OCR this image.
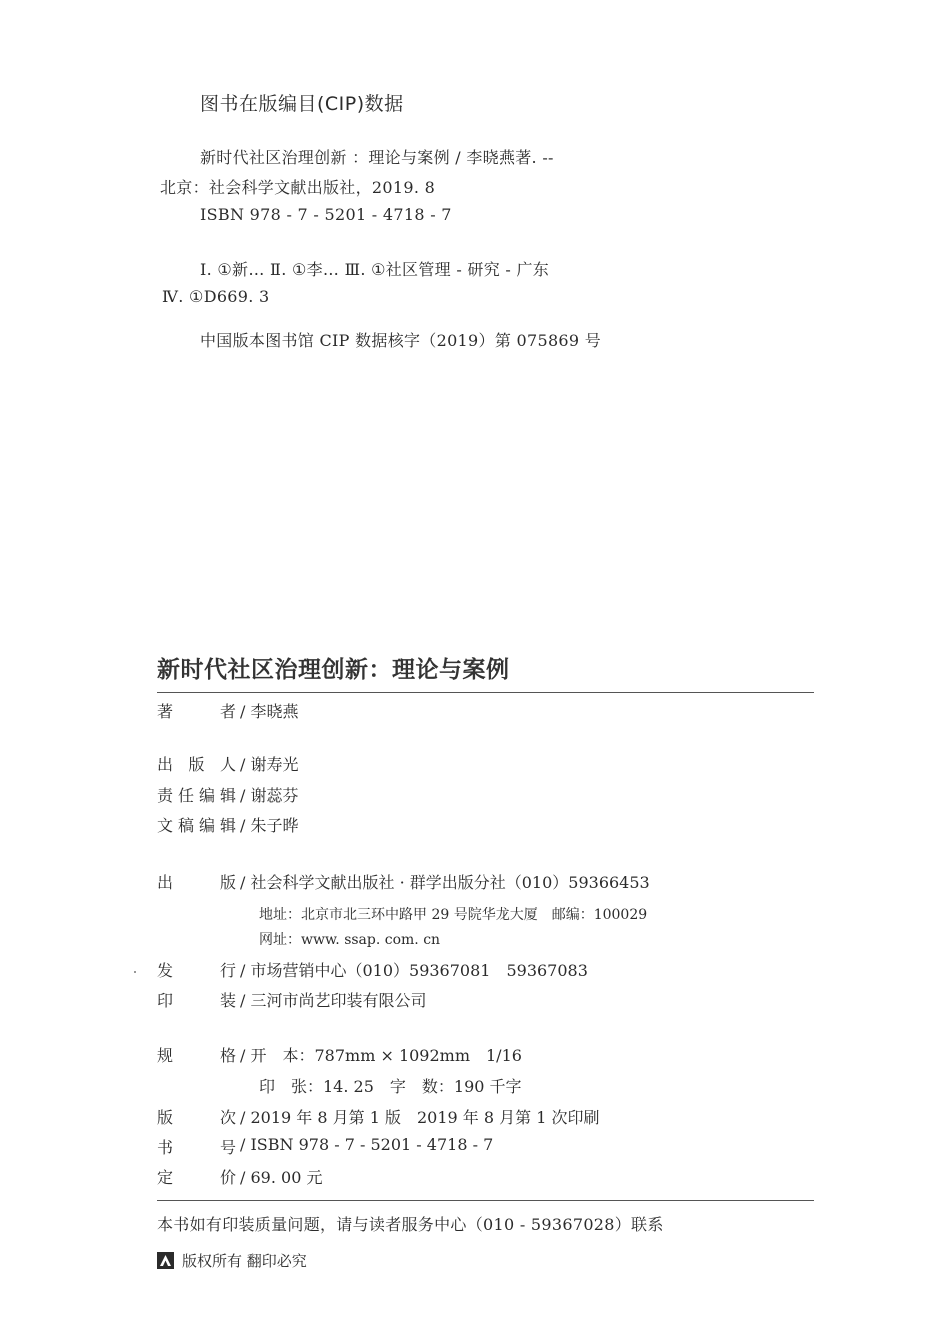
图书在版编目(CIP)数据
新时代社区治理创新 ：理论与案例 / 李晓燕著. --
北京：社会科学文献出版社，2019. 8
ISBN 978 - 7 - 5201 - 4718 - 7
Ⅰ. ①新… Ⅱ. ①李… Ⅲ. ①社区管理 - 研究 - 广东
Ⅳ. ①D669. 3
中国版本图书馆 CIP 数据核字（2019）第 075869 号
新时代社区治理创新：理论与案例
著者 / 李晓燕
出版人 / 谢寿光
责任编辑 / 谢蕊芬
文稿编辑 / 朱子晔
出版 / 社会科学文献出版社 · 群学出版分社（010）59366453
地址：北京市北三环中路甲 29 号院华龙大厦　邮编：100029
网址：www. ssap. com. cn
发行 / 市场营销中心（010）59367081　59367083
印装 / 三河市尚艺印装有限公司
规格 / 开　本：787mm × 1092mm　1/16
印　张：14. 25　字　数：190 千字
版次 / 2019 年 8 月第 1 版　2019 年 8 月第 1 次印刷
书号 / ISBN 978 - 7 - 5201 - 4718 - 7
定价 / 69. 00 元
本书如有印装质量问题，请与读者服务中心（010 - 59367028）联系
版权所有 翻印必究
